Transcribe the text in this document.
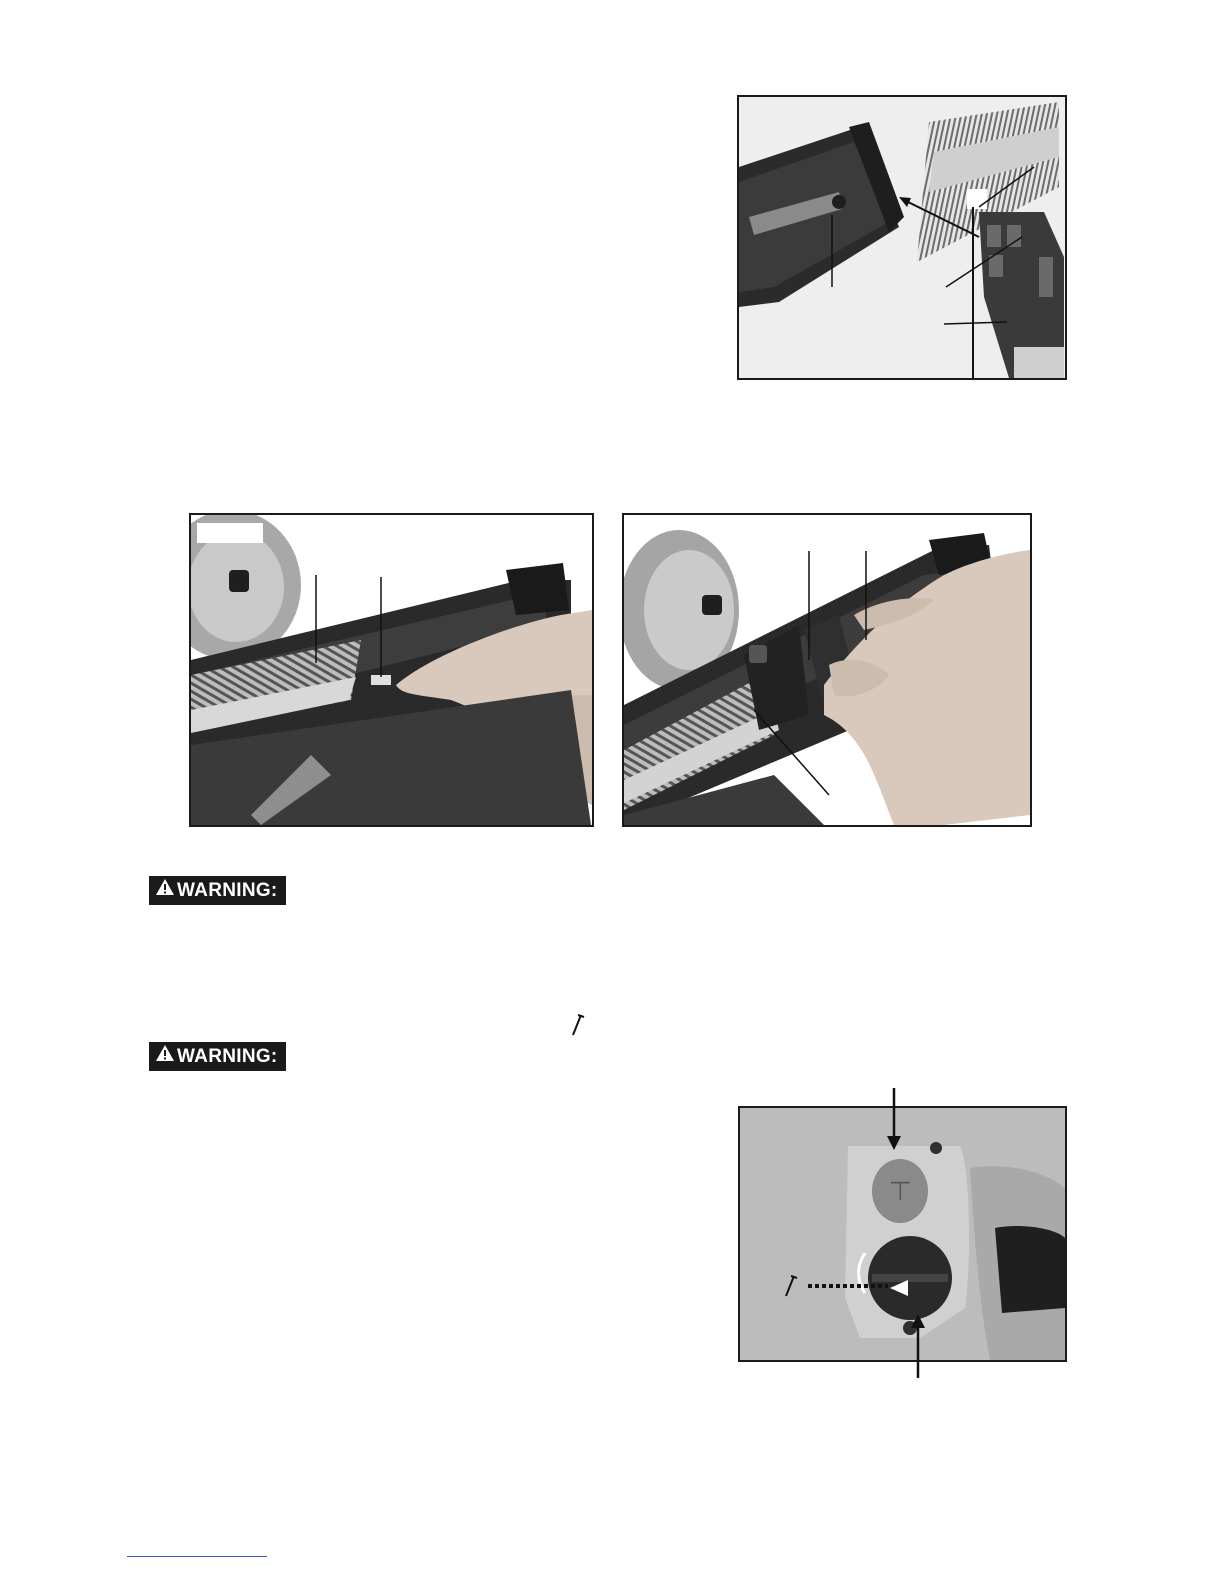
WARNING:
WARNING:
⊢
